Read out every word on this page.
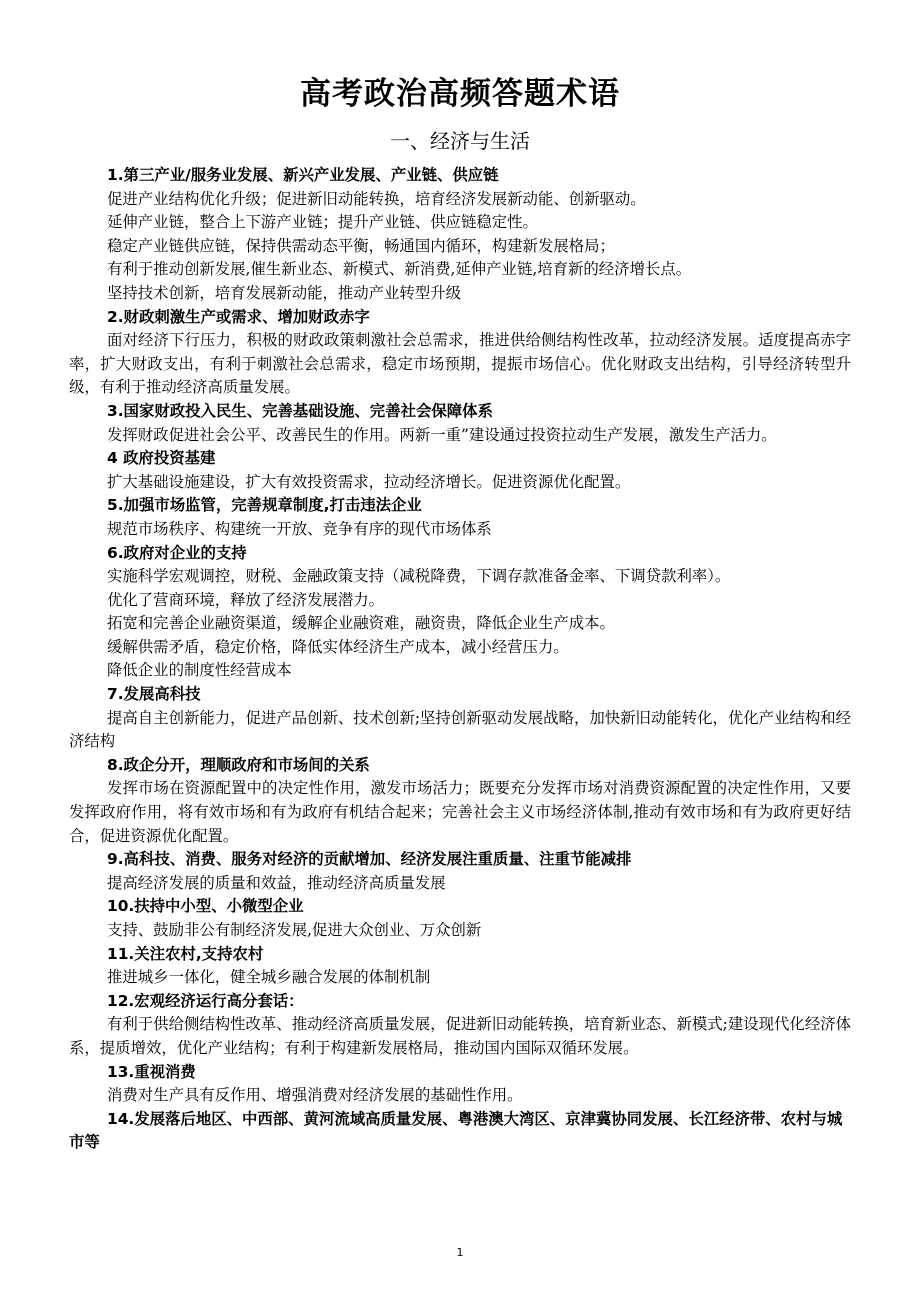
高考政治高频答题术语
一、经济与生活
1.第三产业/服务业发展、新兴产业发展、产业链、供应链
促进产业结构优化升级；促进新旧动能转换，培育经济发展新动能、创新驱动。
延伸产业链，整合上下游产业链；提升产业链、供应链稳定性。
稳定产业链供应链，保持供需动态平衡，畅通国内循环，构建新发展格局；
有利于推动创新发展,催生新业态、新模式、新消费,延伸产业链,培育新的经济增长点。
坚持技术创新，培育发展新动能，推动产业转型升级
2.财政刺激生产或需求、增加财政赤字
面对经济下行压力，积极的财政政策刺激社会总需求，推进供给侧结构性改革，拉动经济发展。适度提高赤字率，扩大财政支出，有利于刺激社会总需求，稳定市场预期，提振市场信心。优化财政支出结构，引导经济转型升级，有利于推动经济高质量发展。
3.国家财政投入民生、完善基础设施、完善社会保障体系
发挥财政促进社会公平、改善民生的作用。两新一重”建设通过投资拉动生产发展，激发生产活力。
4 政府投资基建
扩大基础设施建设，扩大有效投资需求，拉动经济增长。促进资源优化配置。
5.加强市场监管，完善规章制度,打击违法企业
规范市场秩序、构建统一开放、竞争有序的现代市场体系
6.政府对企业的支持
实施科学宏观调控，财税、金融政策支持（减税降费，下调存款准备金率、下调贷款利率）。
优化了营商环境，释放了经济发展潜力。
拓宽和完善企业融资渠道，缓解企业融资难，融资贵，降低企业生产成本。
缓解供需矛盾，稳定价格，降低实体经济生产成本，减小经营压力。
降低企业的制度性经营成本
7.发展高科技
提高自主创新能力，促进产品创新、技术创新;坚持创新驱动发展战略，加快新旧动能转化，优化产业结构和经济结构
8.政企分开，理顺政府和市场间的关系
发挥市场在资源配置中的决定性作用，激发市场活力；既要充分发挥市场对消费资源配置的决定性作用，又要发挥政府作用，将有效市场和有为政府有机结合起来；完善社会主义市场经济体制,推动有效市场和有为政府更好结合，促进资源优化配置。
9.高科技、消费、服务对经济的贡献增加、经济发展注重质量、注重节能减排
提高经济发展的质量和效益，推动经济高质量发展
10.扶持中小型、小微型企业
支持、鼓励非公有制经济发展,促进大众创业、万众创新
11.关注农村,支持农村
推进城乡一体化，健全城乡融合发展的体制机制
12.宏观经济运行高分套话：
有利于供给侧结构性改革、推动经济高质量发展，促进新旧动能转换，培育新业态、新模式;建设现代化经济体系，提质增效，优化产业结构；有利于构建新发展格局，推动国内国际双循环发展。
13.重视消费
消费对生产具有反作用、增强消费对经济发展的基础性作用。
14.发展落后地区、中西部、黄河流域高质量发展、粤港澳大湾区、京津冀协同发展、长江经济带、农村与城市等
1
